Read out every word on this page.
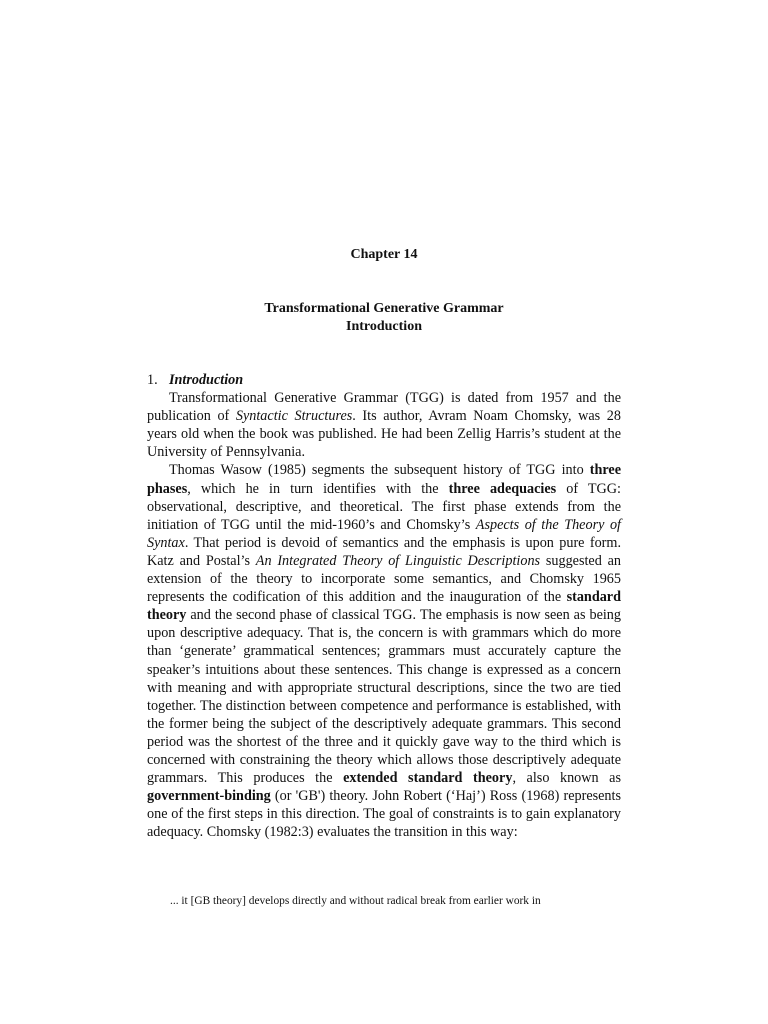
Chapter 14
Transformational Generative Grammar
Introduction

1. Introduction

Transformational Generative Grammar (TGG) is dated from 1957 and the publication of Syntactic Structures. Its author, Avram Noam Chomsky, was 28 years old when the book was published. He had been Zellig Harris’s student at the University of Pennsylvania.

Thomas Wasow (1985) segments the subsequent history of TGG into three phases, which he in turn identifies with the three adequacies of TGG: observational, descriptive, and theoretical. The first phase extends from the initiation of TGG until the mid-1960’s and Chomsky’s Aspects of the Theory of Syntax. That period is devoid of semantics and the emphasis is upon pure form. Katz and Postal’s An Integrated Theory of Linguistic Descriptions suggested an extension of the theory to incorporate some semantics, and Chomsky 1965 represents the codification of this addition and the inauguration of the standard theory and the second phase of classical TGG. The emphasis is now seen as being upon descriptive adequacy. That is, the concern is with grammars which do more than ‘generate’ grammatical sentences; grammars must accurately capture the speaker’s intuitions about these sentences. This change is expressed as a concern with meaning and with appropriate structural descriptions, since the two are tied together. The distinction between competence and performance is established, with the former being the subject of the descriptively adequate grammars. This second period was the shortest of the three and it quickly gave way to the third which is concerned with constraining the theory which allows those descriptively adequate grammars. This produces the extended standard theory, also known as government-binding (or 'GB') theory. John Robert (‘Haj’) Ross (1968) represents one of the first steps in this direction. The goal of constraints is to gain explanatory adequacy. Chomsky (1982:3) evaluates the transition in this way:

... it [GB theory] develops directly and without radical break from earlier work in
